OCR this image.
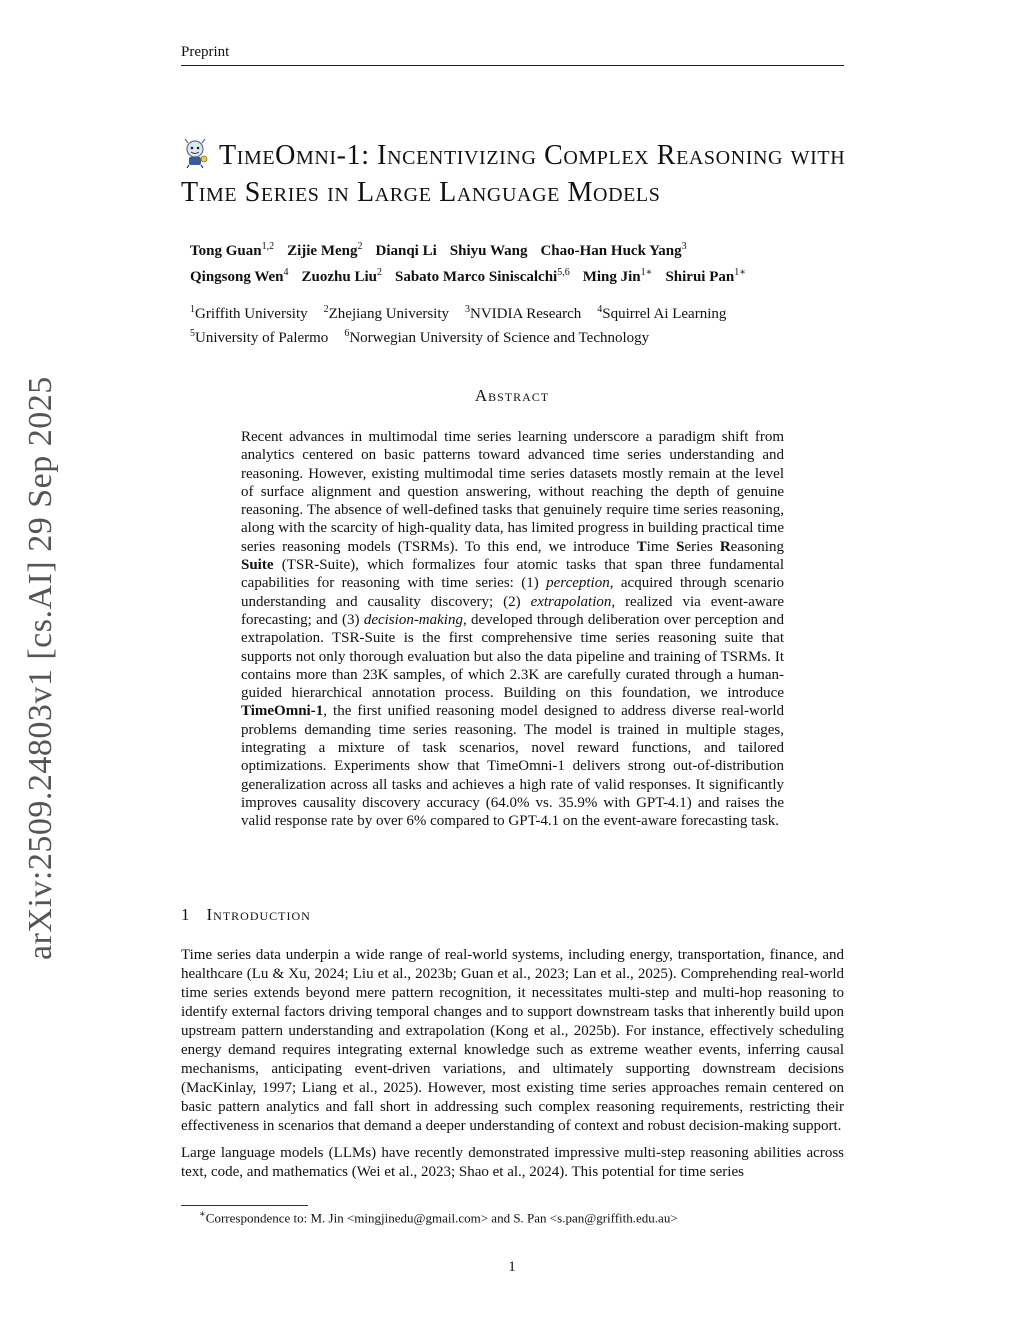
Preprint
arXiv:2509.24803v1 [cs.AI] 29 Sep 2025
TimeOmni-1: Incentivizing Complex Reasoning with Time Series in Large Language Models
Tong Guan$^{1,2}$ Zijie Meng$^2$ Dianqi Li Shiyu Wang Chao-Han Huck Yang$^3$
Qingsong Wen$^4$ Zuozhu Liu$^2$ Sabato Marco Siniscalchi$^{5,6}$ Ming Jin$^{1∗}$ Shirui Pan$^{1∗}$
$^1$Griffith University $^2$Zhejiang University $^3$NVIDIA Research $^4$Squirrel Ai Learning
$^5$University of Palermo $^6$Norwegian University of Science and Technology
Abstract

Recent advances in multimodal time series learning underscore a paradigm shift from analytics centered on basic patterns toward advanced time series understanding and reasoning. However, existing multimodal time series datasets mostly remain at the level of surface alignment and question answering, without reaching the depth of genuine reasoning. The absence of well-defined tasks that genuinely require time series reasoning, along with the scarcity of high-quality data, has limited progress in building practical time series reasoning models (TSRMs). To this end, we introduce Time Series Reasoning Suite (TSR-Suite), which formalizes four atomic tasks that span three fundamental capabilities for reasoning with time series: (1) perception, acquired through scenario understanding and causality discovery; (2) extrapolation, realized via event-aware forecasting; and (3) decision-making, developed through deliberation over perception and extrapolation. TSR-Suite is the first comprehensive time series reasoning suite that supports not only thorough evaluation but also the data pipeline and training of TSRMs. It contains more than 23K samples, of which 2.3K are carefully curated through a human-guided hierarchical annotation process. Building on this foundation, we introduce TimeOmni-1, the first unified reasoning model designed to address diverse real-world problems demanding time series reasoning. The model is trained in multiple stages, integrating a mixture of task scenarios, novel reward functions, and tailored optimizations. Experiments show that TimeOmni-1 delivers strong out-of-distribution generalization across all tasks and achieves a high rate of valid responses. It significantly improves causality discovery accuracy (64.0% vs. 35.9% with GPT-4.1) and raises the valid response rate by over 6% compared to GPT-4.1 on the event-aware forecasting task.

1 Introduction

Time series data underpin a wide range of real-world systems, including energy, transportation, finance, and healthcare (Lu & Xu, 2024; Liu et al., 2023b; Guan et al., 2023; Lan et al., 2025). Comprehending real-world time series extends beyond mere pattern recognition, it necessitates multi-step and multi-hop reasoning to identify external factors driving temporal changes and to support downstream tasks that inherently build upon upstream pattern understanding and extrapolation (Kong et al., 2025b). For instance, effectively scheduling energy demand requires integrating external knowledge such as extreme weather events, inferring causal mechanisms, anticipating event-driven variations, and ultimately supporting downstream decisions (MacKinlay, 1997; Liang et al., 2025). However, most existing time series approaches remain centered on basic pattern analytics and fall short in addressing such complex reasoning requirements, restricting their effectiveness in scenarios that demand a deeper understanding of context and robust decision-making support.

Large language models (LLMs) have recently demonstrated impressive multi-step reasoning abilities across text, code, and mathematics (Wei et al., 2023; Shao et al., 2024). This potential for time series

∗Correspondence to: M. Jin <mingjinedu@gmail.com> and S. Pan <s.pan@griffith.edu.au>
1
